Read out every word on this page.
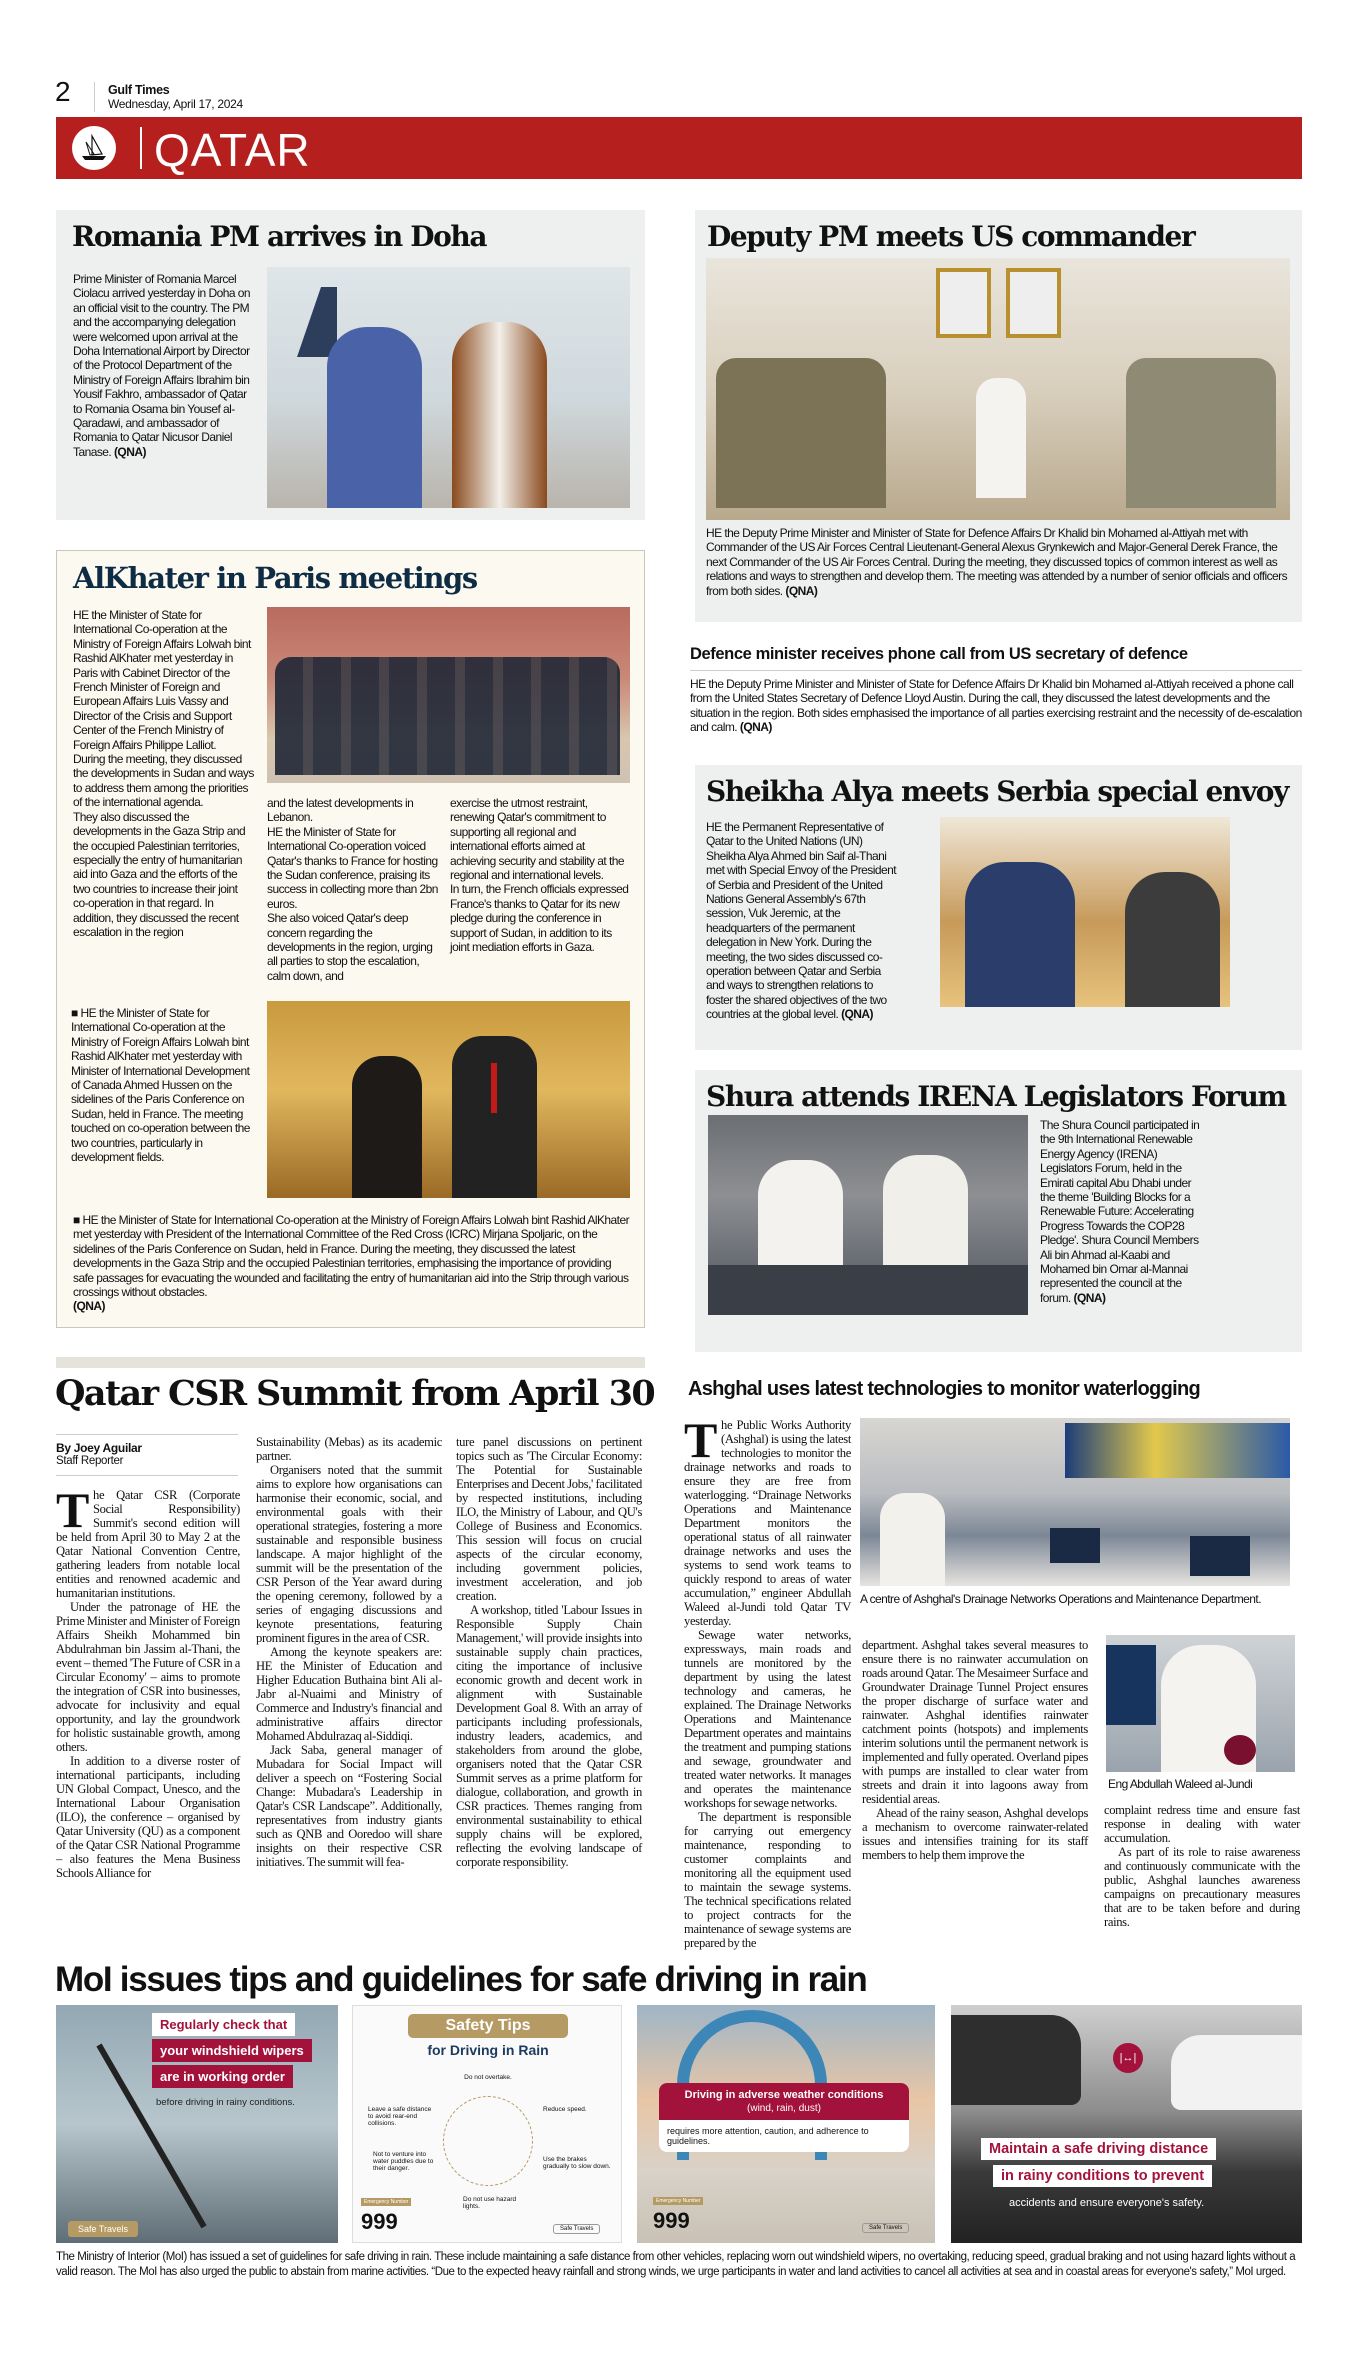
2	Gulf Times
Wednesday, April 17, 2024
QATAR
Romania PM arrives in Doha
Prime Minister of Romania Marcel Ciolacu arrived yesterday in Doha on an official visit to the country. The PM and the accompanying delegation were welcomed upon arrival at the Doha International Airport by Director of the Protocol Department of the Ministry of Foreign Affairs Ibrahim bin Yousif Fakhro, ambassador of Qatar to Romania Osama bin Yousef al-Qaradawi, and ambassador of Romania to Qatar Nicusor Daniel Tanase. (QNA)
Deputy PM meets US commander
HE the Deputy Prime Minister and Minister of State for Defence Affairs Dr Khalid bin Mohamed al-Attiyah met with Commander of the US Air Forces Central Lieutenant-General Alexus Grynkewich and Major-General Derek France, the next Commander of the US Air Forces Central. During the meeting, they discussed topics of common interest as well as relations and ways to strengthen and develop them. The meeting was attended by a number of senior officials and officers from both sides. (QNA)
Defence minister receives phone call from US secretary of defence
HE the Deputy Prime Minister and Minister of State for Defence Affairs Dr Khalid bin Mohamed al-Attiyah received a phone call from the United States Secretary of Defence Lloyd Austin. During the call, they discussed the latest developments and the situation in the region. Both sides emphasised the importance of all parties exercising restraint and the necessity of de-escalation and calm. (QNA)
AlKhater in Paris meetings

HE the Minister of State for International Co-operation at the Ministry of Foreign Affairs Lolwah bint Rashid AlKhater met yesterday in Paris with Cabinet Director of the French Minister of Foreign and European Affairs Luis Vassy and Director of the Crisis and Support Center of the French Ministry of Foreign Affairs Philippe Lalliot.

During the meeting, they discussed the developments in Sudan and ways to address them among the priorities of the international agenda.

They also discussed the developments in the Gaza Strip and the occupied Palestinian territories, especially the entry of humanitarian aid into Gaza and the efforts of the two countries to increase their joint co-operation in that regard. In addition, they discussed the recent escalation in the region

and the latest developments in Lebanon.

HE the Minister of State for International Co-operation voiced Qatar's thanks to France for hosting the Sudan conference, praising its success in collecting more than 2bn euros.

She also voiced Qatar's deep concern regarding the developments in the region, urging all parties to stop the escalation, calm down, and

exercise the utmost restraint, renewing Qatar's commitment to supporting all regional and international efforts aimed at achieving security and stability at the regional and international levels.

In turn, the French officials expressed France's thanks to Qatar for its new pledge during the conference in support of Sudan, in addition to its joint mediation efforts in Gaza.

■ HE the Minister of State for International Co-operation at the Ministry of Foreign Affairs Lolwah bint Rashid AlKhater met yesterday with Minister of International Development of Canada Ahmed Hussen on the sidelines of the Paris Conference on Sudan, held in France. The meeting touched on co-operation between the two countries, particularly in development fields.
■ HE the Minister of State for International Co-operation at the Ministry of Foreign Affairs Lolwah bint Rashid AlKhater met yesterday with President of the International Committee of the Red Cross (ICRC) Mirjana Spoljaric, on the sidelines of the Paris Conference on Sudan, held in France. During the meeting, they discussed the latest developments in the Gaza Strip and the occupied Palestinian territories, emphasising the importance of providing safe passages for evacuating the wounded and facilitating the entry of humanitarian aid into the Strip through various crossings without obstacles.
(QNA)
Sheikha Alya meets Serbia special envoy
HE the Permanent Representative of Qatar to the United Nations (UN) Sheikha Alya Ahmed bin Saif al-Thani met with Special Envoy of the President of Serbia and President of the United Nations General Assembly's 67th session, Vuk Jeremic, at the headquarters of the permanent delegation in New York. During the meeting, the two sides discussed co-operation between Qatar and Serbia and ways to strengthen relations to foster the shared objectives of the two countries at the global level. (QNA)
Shura attends IRENA Legislators Forum
The Shura Council participated in the 9th International Renewable Energy Agency (IRENA) Legislators Forum, held in the Emirati capital Abu Dhabi under the theme 'Building Blocks for a Renewable Future: Accelerating Progress Towards the COP28 Pledge'. Shura Council Members Ali bin Ahmad al-Kaabi and Mohamed bin Omar al-Mannai represented the council at the forum. (QNA)
Qatar CSR Summit from April 30
By Joey Aguilar
Staff Reporter

The Qatar CSR (Corporate Social Responsibility) Summit's second edition will be held from April 30 to May 2 at the Qatar National Convention Centre, gathering leaders from notable local entities and renowned academic and humanitarian institutions.

Under the patronage of HE the Prime Minister and Minister of Foreign Affairs Sheikh Mohammed bin Abdulrahman bin Jassim al-Thani, the event – themed 'The Future of CSR in a Circular Economy' – aims to promote the integration of CSR into businesses, advocate for inclusivity and equal opportunity, and lay the groundwork for holistic sustainable growth, among others.

In addition to a diverse roster of international participants, including UN Global Compact, Unesco, and the International Labour Organisation (ILO), the conference – organised by Qatar University (QU) as a component of the Qatar CSR National Programme – also features the Mena Business Schools Alliance for

Sustainability (Mebas) as its academic partner.

Organisers noted that the summit aims to explore how organisations can harmonise their economic, social, and environmental goals with their operational strategies, fostering a more sustainable and responsible business landscape. A major highlight of the summit will be the presentation of the CSR Person of the Year award during the opening ceremony, followed by a series of engaging discussions and keynote presentations, featuring prominent figures in the area of CSR.

Among the keynote speakers are: HE the Minister of Education and Higher Education Buthaina bint Ali al-Jabr al-Nuaimi and Ministry of Commerce and Industry's financial and administrative affairs director Mohamed Abdulrazaq al-Siddiqi.

Jack Saba, general manager of Mubadara for Social Impact will deliver a speech on “Fostering Social Change: Mubadara's Leadership in Qatar's CSR Landscape”. Additionally, representatives from industry giants such as QNB and Ooredoo will share insights on their respective CSR initiatives. The summit will fea-

ture panel discussions on pertinent topics such as 'The Circular Economy: The Potential for Sustainable Enterprises and Decent Jobs,' facilitated by respected institutions, including ILO, the Ministry of Labour, and QU's College of Business and Economics. This session will focus on crucial aspects of the circular economy, including government policies, investment acceleration, and job creation.

A workshop, titled 'Labour Issues in Responsible Supply Chain Management,' will provide insights into sustainable supply chain practices, citing the importance of inclusive economic growth and decent work in alignment with Sustainable Development Goal 8. With an array of participants including professionals, industry leaders, academics, and stakeholders from around the globe, organisers noted that the Qatar CSR Summit serves as a prime platform for dialogue, collaboration, and growth in CSR practices. Themes ranging from environmental sustainability to ethical supply chains will be explored, reflecting the evolving landscape of corporate responsibility.

Ashghal uses latest technologies to monitor waterlogging

The Public Works Authority (Ashghal) is using the latest technologies to monitor the drainage networks and roads to ensure they are free from waterlogging. “Drainage Networks Operations and Maintenance Department monitors the operational status of all rainwater drainage networks and uses the systems to send work teams to quickly respond to areas of water accumulation,” engineer Abdullah Waleed al-Jundi told Qatar TV yesterday.

Sewage water networks, expressways, main roads and tunnels are monitored by the department by using the latest technology and cameras, he explained. The Drainage Networks Operations and Maintenance Department operates and maintains the treatment and pumping stations and sewage, groundwater and treated water networks. It manages and operates the maintenance workshops for sewage networks.

The department is responsible for carrying out emergency maintenance, responding to customer complaints and monitoring all the equipment used to maintain the sewage systems. The technical specifications related to project contracts for the maintenance of sewage systems are prepared by the

A centre of Ashghal's Drainage Networks Operations and Maintenance Department.

department. Ashghal takes several measures to ensure there is no rainwater accumulation on roads around Qatar. The Mesaimeer Surface and Groundwater Drainage Tunnel Project ensures the proper discharge of surface water and rainwater. Ashghal identifies rainwater catchment points (hotspots) and implements interim solutions until the permanent network is implemented and fully operated. Overland pipes with pumps are installed to clear water from streets and drain it into lagoons away from residential areas.

Ahead of the rainy season, Ashghal develops a mechanism to overcome rainwater-related issues and intensifies training for its staff members to help them improve the

Eng Abdullah Waleed al-Jundi

complaint redress time and ensure fast response in dealing with water accumulation.

As part of its role to raise awareness and continuously communicate with the public, Ashghal launches awareness campaigns on precautionary measures that are to be taken before and during rains.

MoI issues tips and guidelines for safe driving in rain
Regularly check that
your windshield wipers
are in working order
before driving in rainy conditions.
Safe Travels
Safety Tips
for Driving in Rain
Do not overtake.
Reduce speed.
Use the brakes gradually to slow down.
Do not use hazard lights.
Not to venture into water puddles due to their danger.
Leave a safe distance to avoid rear-end collisions.
Emergency Number
999	Safe Travels
Driving in adverse weather conditions
(wind, rain, dust)
requires more attention, caution, and adherence to guidelines.
Emergency Number
999	Safe Travels
|↔|
Maintain a safe driving distance
in rainy conditions to prevent
accidents and ensure everyone's safety.
The Ministry of Interior (MoI) has issued a set of guidelines for safe driving in rain. These include maintaining a safe distance from other vehicles, replacing worn out windshield wipers, no overtaking, reducing speed, gradual braking and not using hazard lights without a valid reason. The MoI has also urged the public to abstain from marine activities. “Due to the expected heavy rainfall and strong winds, we urge participants in water and land activities to cancel all activities at sea and in coastal areas for everyone's safety,” MoI urged.
